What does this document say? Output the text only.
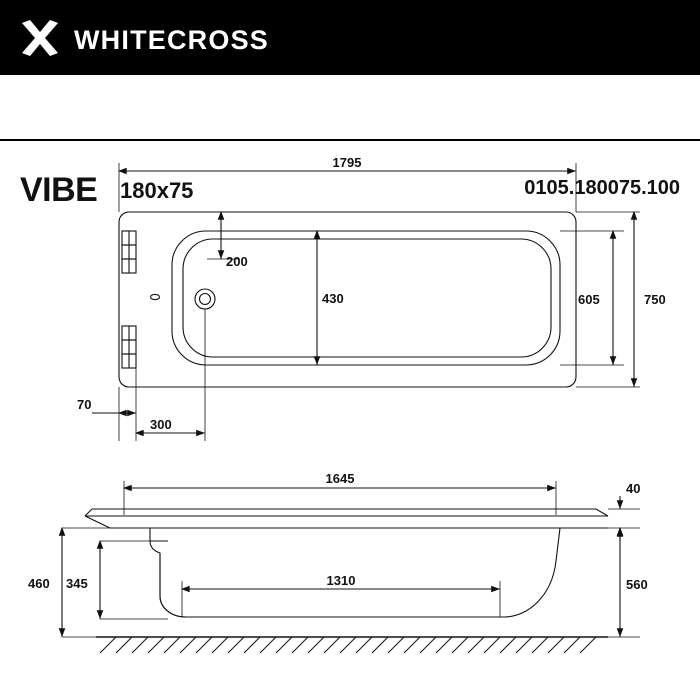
WHITECROSS
VIBE 180x75	0105.180075.100
1795
750
605
430
200
70
300
1645
1310
40
560
460 345
